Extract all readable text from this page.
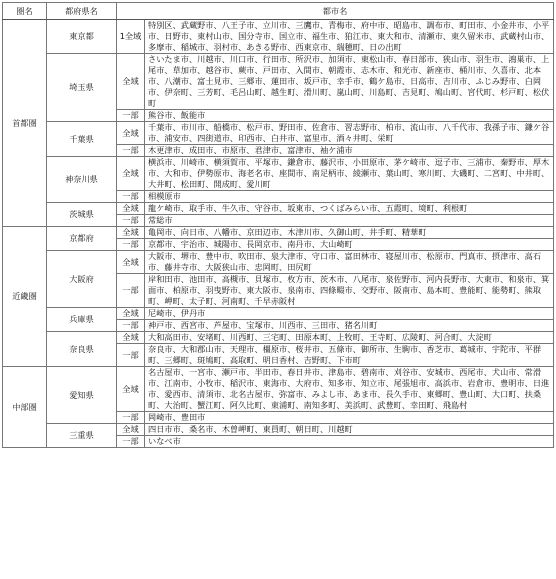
圏名	都府県名	都市名	
首都圏	東京都	1全域	特別区、武蔵野市、八王子市、立川市、三鷹市、青梅市、府中市、昭島市、調布市、町田市、小金井市、小平市、日野市、東村山市、国分寺市、国立市、福生市、狛江市、東大和市、清瀬市、東久留米市、武蔵村山市、多摩市、稲城市、羽村市、あきる野市、西東京市、瑞穂町、日の出町
	埼玉県	全域	さいたま市、川越市、川口市、行田市、所沢市、加須市、東松山市、春日部市、狭山市、羽生市、鴻巣市、上尾市、草加市、越谷市、蕨市、戸田市、入間市、朝霞市、志木市、和光市、新座市、桶川市、久喜市、北本市、八潮市、富士見市、三郷市、蓮田市、坂戸市、幸手市、鶴ケ島市、日高市、吉川市、ふじみ野市、白岡市、伊奈町、三芳町、毛呂山町、越生町、滑川町、嵐山町、川島町、吉見町、鳩山町、宮代町、杉戸町、松伏町
		一部	熊谷市、飯能市
	千葉県	全域	千葉市、市川市、船橋市、松戸市、野田市、佐倉市、習志野市、柏市、流山市、八千代市、我孫子市、鎌ケ谷市、浦安市、四街道市、印西市、白井市、富里市、酒々井町、栄町
		一部	木更津市、成田市、市原市、君津市、富津市、袖ケ浦市
	神奈川県	全域	横浜市、川崎市、横須賀市、平塚市、鎌倉市、藤沢市、小田原市、茅ケ崎市、逗子市、三浦市、秦野市、厚木市、大和市、伊勢原市、海老名市、座間市、南足柄市、綾瀬市、葉山町、寒川町、大磯町、二宮町、中井町、大井町、松田町、開成町、愛川町
		一部	相模原市
	茨城県	全域	龍ケ崎市、取手市、牛久市、守谷市、坂東市、つくばみらい市、五霞町、境町、利根町
		一部	常総市
近畿圏	京都府	全域	亀岡市、向日市、八幡市、京田辺市、木津川市、久御山町、井手町、精華町
		一部	京都市、宇治市、城陽市、長岡京市、南丹市、大山崎町
	大阪府	全域	大阪市、堺市、豊中市、吹田市、泉大津市、守口市、富田林市、寝屋川市、松原市、門真市、摂津市、高石市、藤井寺市、大阪狭山市、忠岡町、田尻町
		一部	岸和田市、池田市、高槻市、貝塚市、枚方市、茨木市、八尾市、泉佐野市、河内長野市、大東市、和泉市、箕面市、柏原市、羽曳野市、東大阪市、泉南市、四條畷市、交野市、阪南市、島本町、豊能町、能勢町、熊取町、岬町、太子町、河南町、千早赤阪村
	兵庫県	全域	尼崎市、伊丹市
		一部	神戸市、西宮市、芦屋市、宝塚市、川西市、三田市、猪名川町
	奈良県	全域	大和高田市、安堵町、川西町、三宅町、田原本町、上牧町、王寺町、広陵町、河合町、大淀町
		一部	奈良市、大和郡山市、天理市、橿原市、桜井市、五條市、御所市、生駒市、香芝市、葛城市、宇陀市、平群町、三郷町、斑鳩町、高取町、明日香村、吉野町、下市町
中部圏	愛知県	全域	名古屋市、一宮市、瀬戸市、半田市、春日井市、津島市、碧南市、刈谷市、安城市、西尾市、犬山市、常滑市、江南市、小牧市、稲沢市、東海市、大府市、知多市、知立市、尾張旭市、高浜市、岩倉市、豊明市、日進市、愛西市、清須市、北名古屋市、弥富市、みよし市、あま市、長久手市、東郷町、豊山町、大口町、扶桑町、大治町、蟹江町、阿久比町、東浦町、南知多町、美浜町、武豊町、幸田町、飛島村
		一部	岡崎市、豊田市
	三重県	全域	四日市市、桑名市、木曽岬町、東員町、朝日町、川越町
		一部	いなべ市
